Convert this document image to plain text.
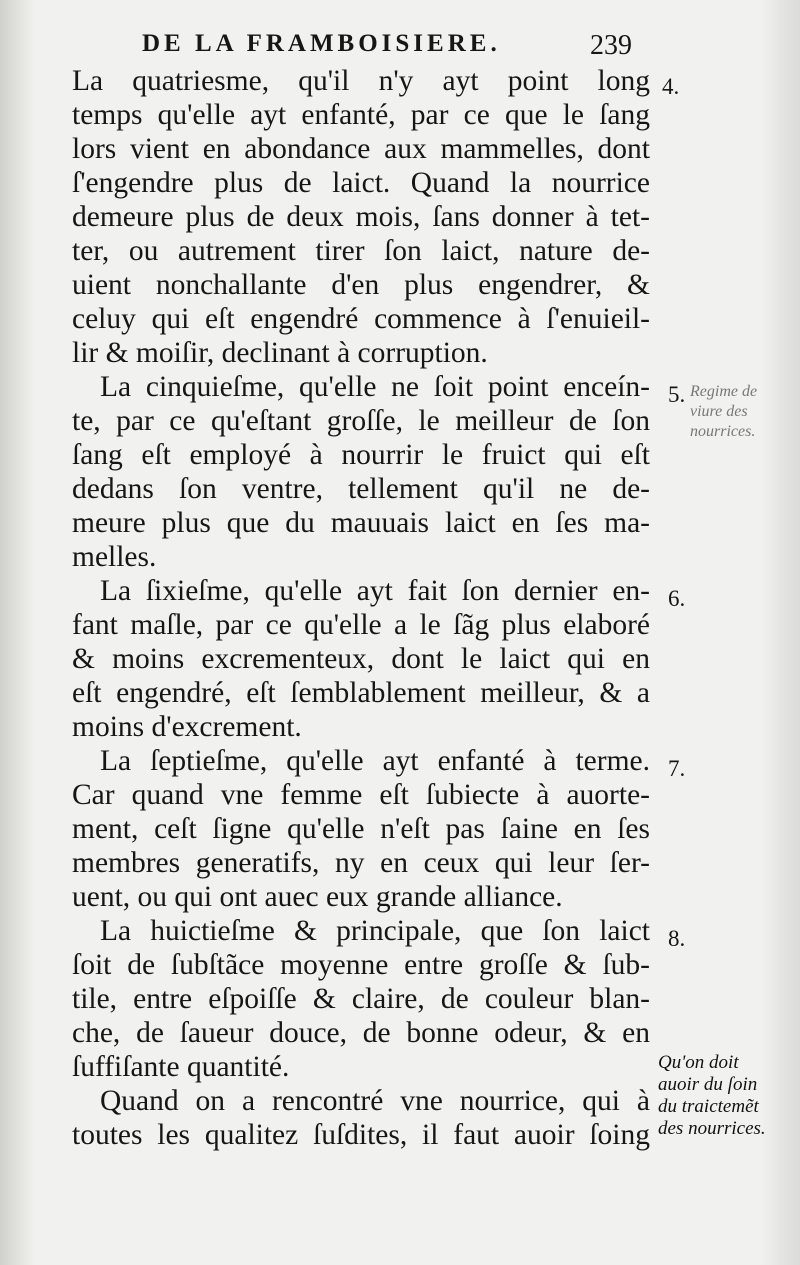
DE LA FRAMBOISIERE.	239
La quatriesme, qu'il n'y ayt point long
temps qu'elle ayt enfanté, par ce que le ſang
lors vient en abondance aux mammelles, dont
ſ'engendre plus de laict. Quand la nourrice
demeure plus de deux mois, ſans donner à tet-
ter, ou autrement tirer ſon laict, nature de-
uient nonchallante d'en plus engendrer, &
celuy qui eſt engendré commence à ſ'enuieil-
lir & moiſir, declinant à corruption.
La cinquieſme, qu'elle ne ſoit point enceín-
te, par ce qu'eſtant groſſe, le meilleur de ſon
ſang eſt employé à nourrir le fruict qui eſt
dedans ſon ventre, tellement qu'il ne de-
meure plus que du mauuais laict en ſes ma-
melles.
La ſixieſme, qu'elle ayt fait ſon dernier en-
fant maſle, par ce qu'elle a le ſãg plus elaboré
& moins excrementeux, dont le laict qui en
eſt engendré, eſt ſemblablement meilleur, & a
moins d'excrement.
La ſeptieſme, qu'elle ayt enfanté à terme.
Car quand vne femme eſt ſubiecte à auorte-
ment, ceſt ſigne qu'elle n'eſt pas ſaine en ſes
membres generatifs, ny en ceux qui leur ſer-
uent, ou qui ont auec eux grande alliance.
La huictieſme & principale, que ſon laict
ſoit de ſubſtãce moyenne entre groſſe & ſub-
tile, entre eſpoiſſe & claire, de couleur blan-
che, de ſaueur douce, de bonne odeur, & en
ſuffiſante quantité.
Quand on a rencontré vne nourrice, qui à
toutes les qualitez ſuſdites, il faut auoir ſoing
4.
5.
6.
7.
8.
Regime de viure des nourrices.
Qu'on doit
auoir du ſoin
du traictemẽt
des nourrices.
